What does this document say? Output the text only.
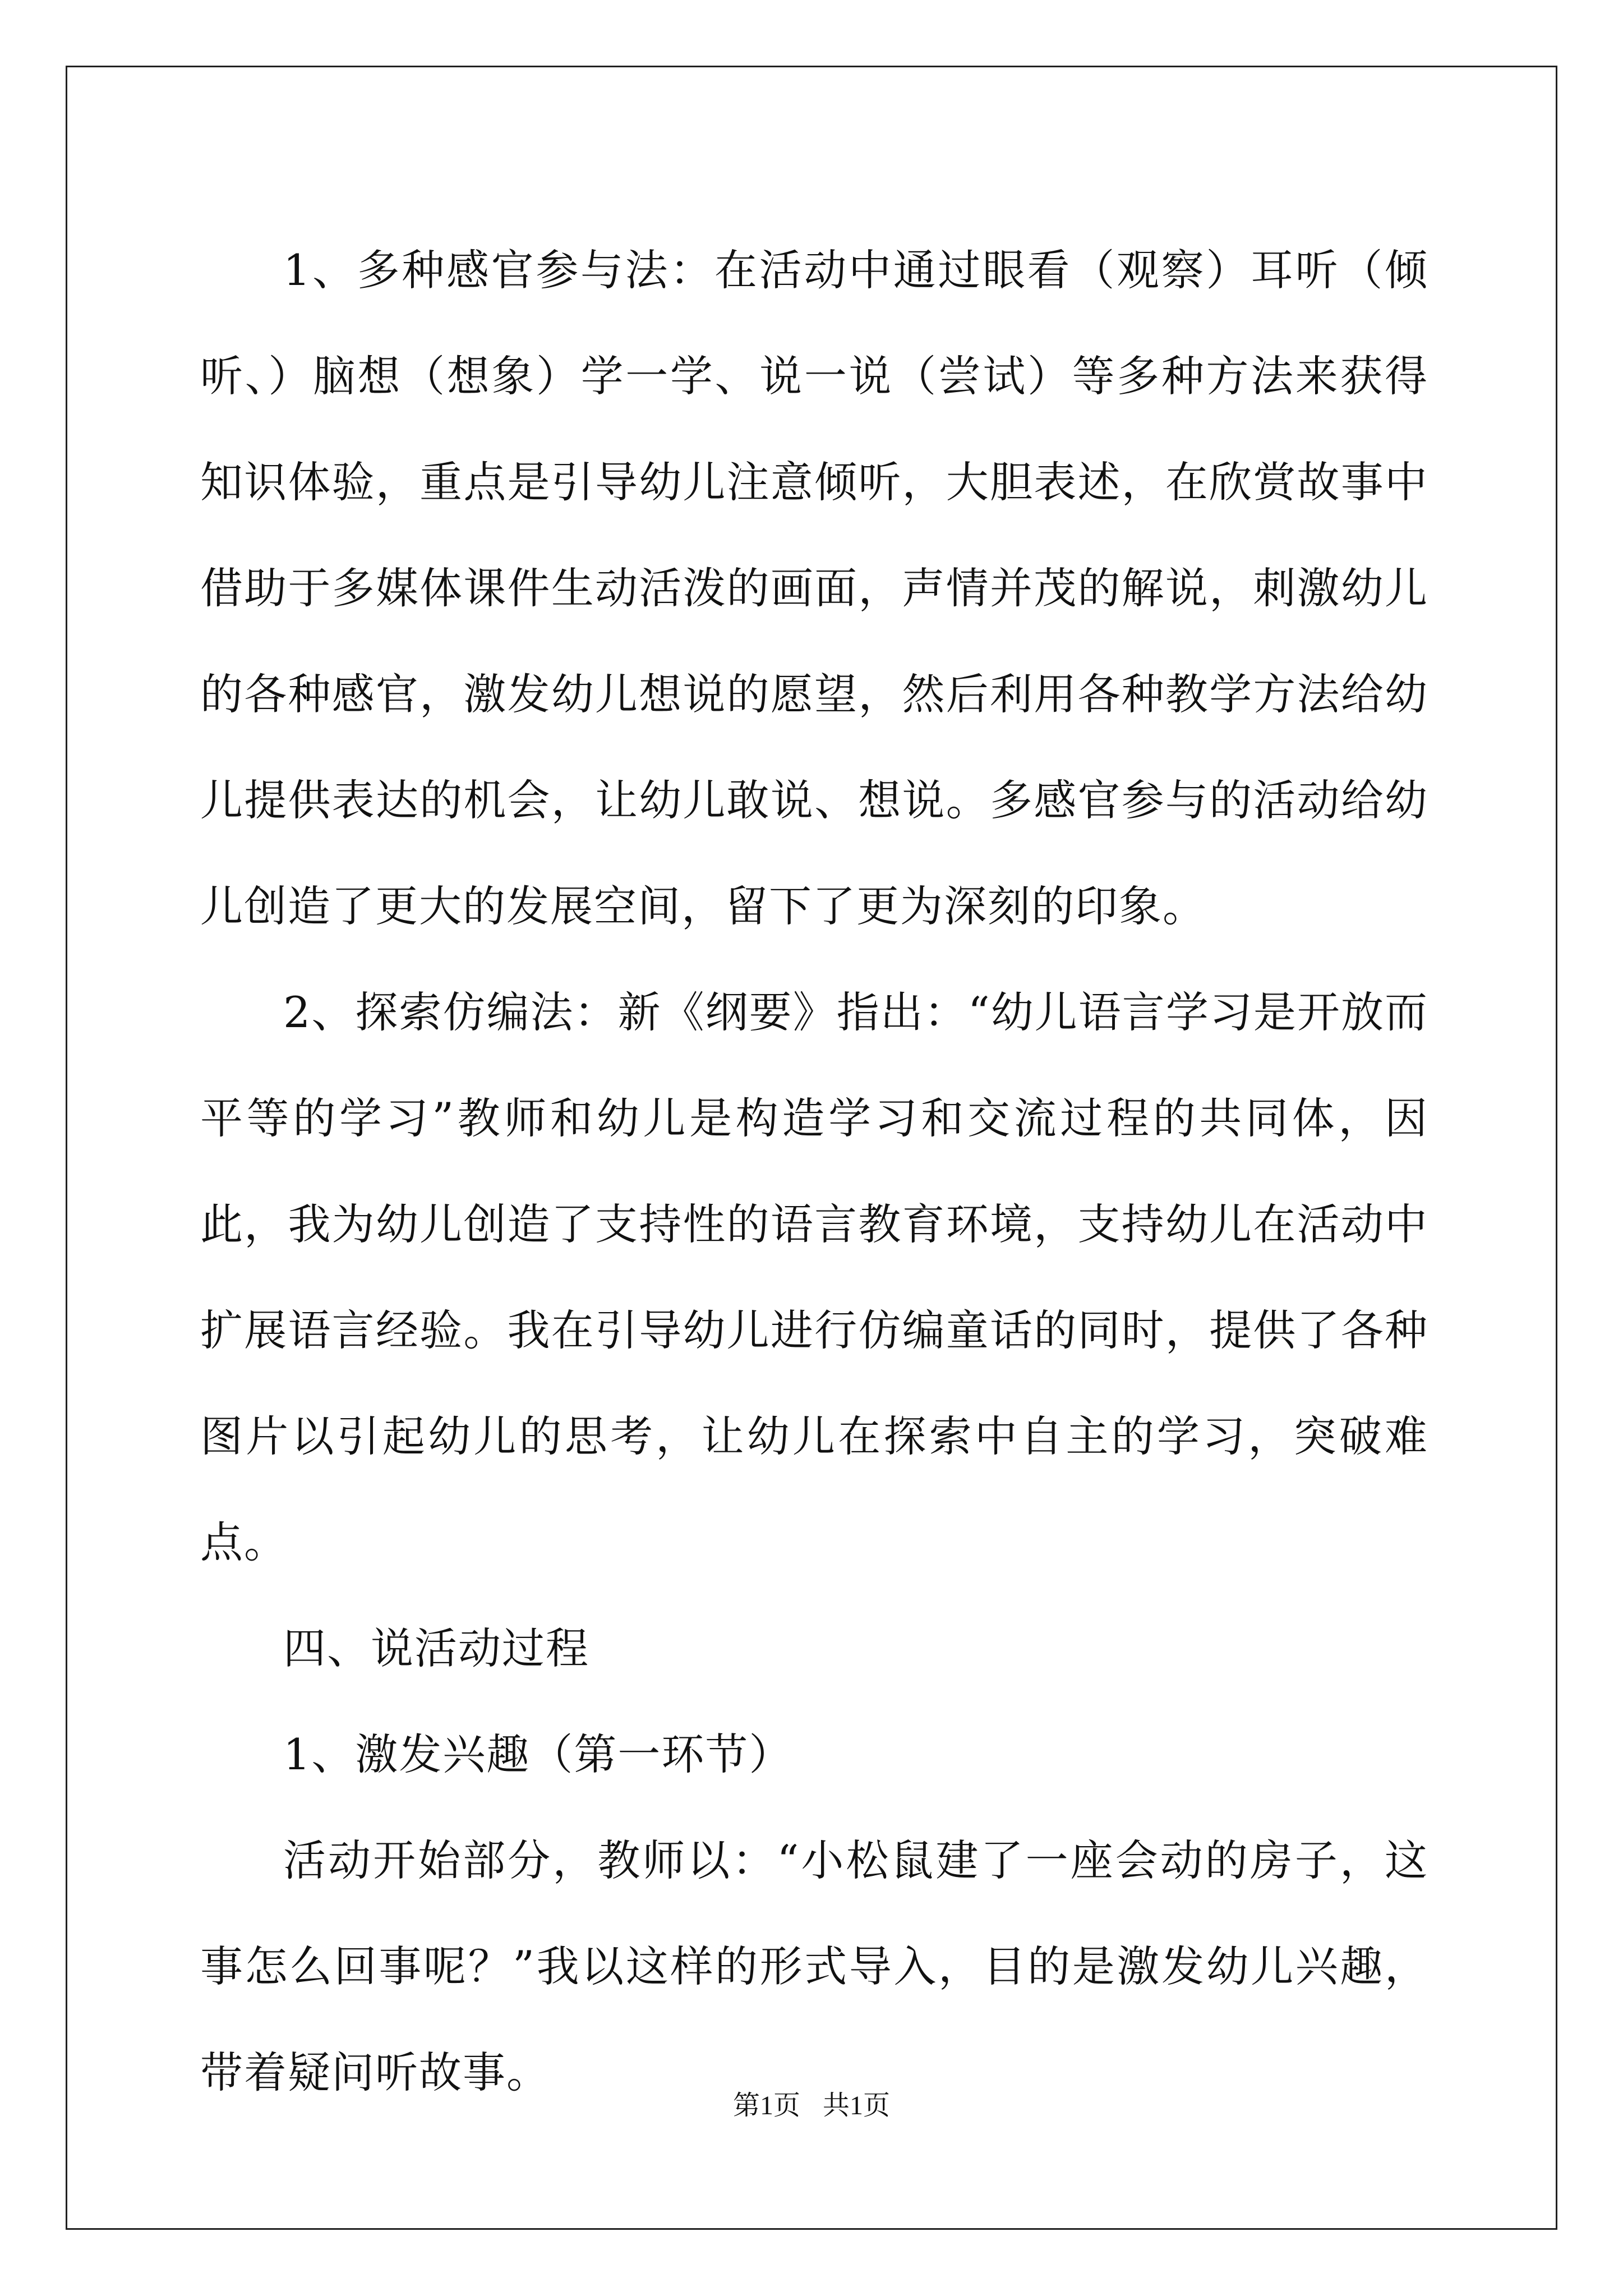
1、多种感官参与法：在活动中通过眼看（观察）耳听（倾听、）脑想（想象）学一学、说一说（尝试）等多种方法来获得知识体验，重点是引导幼儿注意倾听，大胆表述，在欣赏故事中借助于多媒体课件生动活泼的画面，声情并茂的解说，刺激幼儿的各种感官，激发幼儿想说的愿望，然后利用各种教学方法给幼儿提供表达的机会，让幼儿敢说、想说。多感官参与的活动给幼儿创造了更大的发展空间，留下了更为深刻的印象。

2、探索仿编法：新《纲要》指出：“幼儿语言学习是开放而平等的学习”教师和幼儿是构造学习和交流过程的共同体，因此，我为幼儿创造了支持性的语言教育环境，支持幼儿在活动中扩展语言经验。我在引导幼儿进行仿编童话的同时，提供了各种图片以引起幼儿的思考，让幼儿在探索中自主的学习，突破难点。

四、说活动过程

1、激发兴趣（第一环节）

活动开始部分，教师以：“小松鼠建了一座会动的房子，这事怎么回事呢？”我以这样的形式导入，目的是激发幼儿兴趣，带着疑问听故事。

第1页 共1页
